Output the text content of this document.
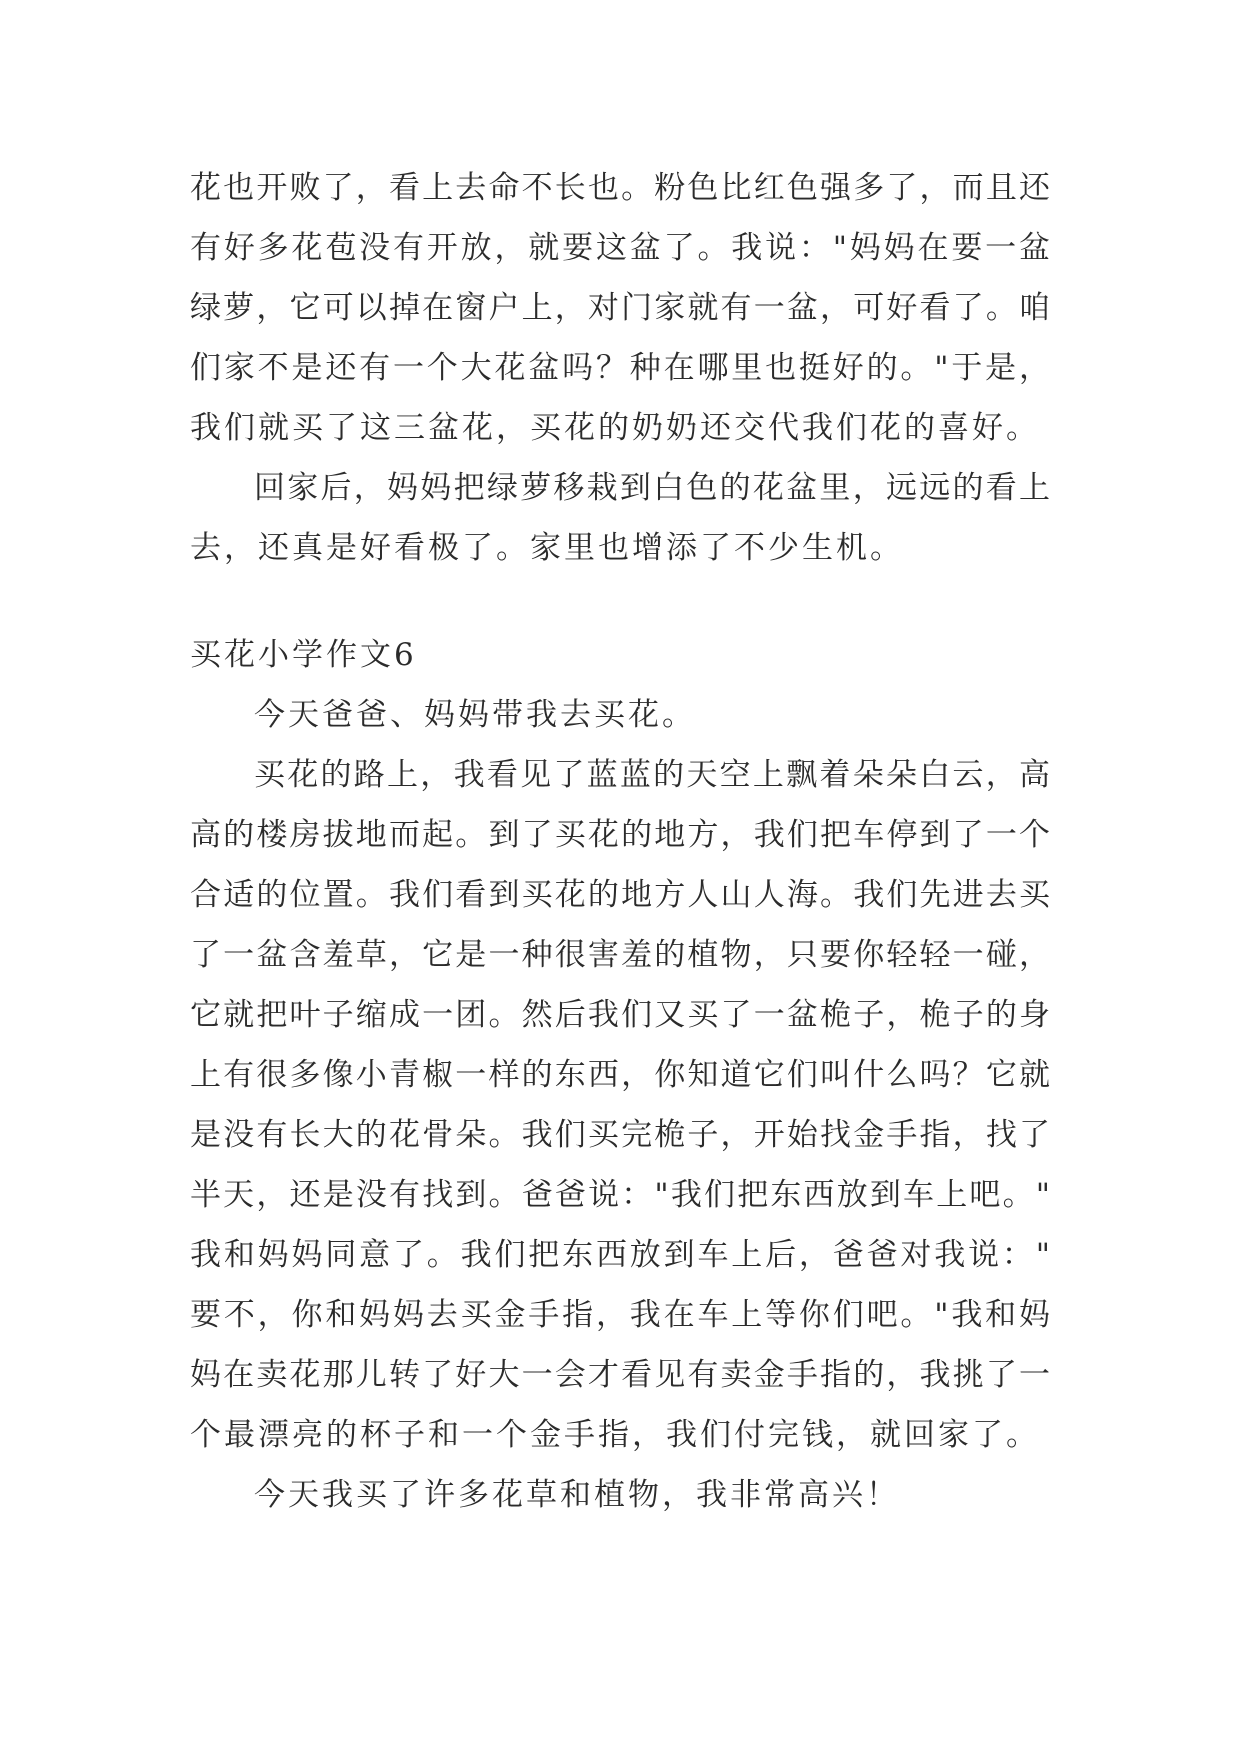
花也开败了，看上去命不长也。粉色比红色强多了，而且还
有好多花苞没有开放，就要这盆了。我说："妈妈在要一盆
绿萝，它可以掉在窗户上，对门家就有一盆，可好看了。咱
们家不是还有一个大花盆吗？种在哪里也挺好的。"于是，
我们就买了这三盆花，买花的奶奶还交代我们花的喜好。
回家后，妈妈把绿萝移栽到白色的花盆里，远远的看上
去，还真是好看极了。家里也增添了不少生机。
买花小学作文6
今天爸爸、妈妈带我去买花。
买花的路上，我看见了蓝蓝的天空上飘着朵朵白云，高
高的楼房拔地而起。到了买花的地方，我们把车停到了一个
合适的位置。我们看到买花的地方人山人海。我们先进去买
了一盆含羞草，它是一种很害羞的植物，只要你轻轻一碰，
它就把叶子缩成一团。然后我们又买了一盆桅子，桅子的身
上有很多像小青椒一样的东西，你知道它们叫什么吗？它就
是没有长大的花骨朵。我们买完桅子，开始找金手指，找了
半天，还是没有找到。爸爸说："我们把东西放到车上吧。"
我和妈妈同意了。我们把东西放到车上后，爸爸对我说："
要不，你和妈妈去买金手指，我在车上等你们吧。"我和妈
妈在卖花那儿转了好大一会才看见有卖金手指的，我挑了一
个最漂亮的杯子和一个金手指，我们付完钱，就回家了。
今天我买了许多花草和植物，我非常高兴！
